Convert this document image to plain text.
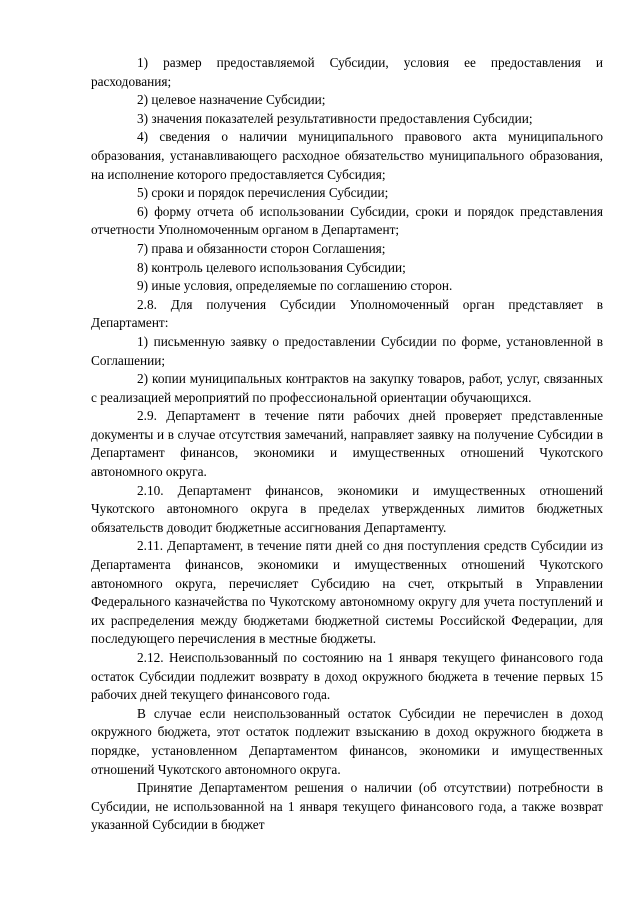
1) размер предоставляемой Субсидии, условия ее предоставления и расходования;

2) целевое назначение Субсидии;

3) значения показателей результативности предоставления Субсидии;

4) сведения о наличии муниципального правового акта муниципального образования, устанавливающего расходное обязательство муниципального образования, на исполнение которого предоставляется Субсидия;

5) сроки и порядок перечисления Субсидии;

6) форму отчета об использовании Субсидии, сроки и порядок представления отчетности Уполномоченным органом в Департамент;

7) права и обязанности сторон Соглашения;

8) контроль целевого использования Субсидии;

9) иные условия, определяемые по соглашению сторон.

2.8. Для получения Субсидии Уполномоченный орган представляет в Департамент:

1) письменную заявку о предоставлении Субсидии по форме, установленной в Соглашении;

2) копии муниципальных контрактов на закупку товаров, работ, услуг, связанных с реализацией мероприятий по профессиональной ориентации обучающихся.

2.9. Департамент в течение пяти рабочих дней проверяет представленные документы и в случае отсутствия замечаний, направляет заявку на получение Субсидии в Департамент финансов, экономики и имущественных отношений Чукотского автономного округа.

2.10. Департамент финансов, экономики и имущественных отношений Чукотского автономного округа в пределах утвержденных лимитов бюджетных обязательств доводит бюджетные ассигнования Департаменту.

2.11. Департамент, в течение пяти дней со дня поступления средств Субсидии из Департамента финансов, экономики и имущественных отношений Чукотского автономного округа, перечисляет Субсидию на счет, открытый в Управлении Федерального казначейства по Чукотскому автономному округу для учета поступлений и их распределения между бюджетами бюджетной системы Российской Федерации, для последующего перечисления в местные бюджеты.

2.12. Неиспользованный по состоянию на 1 января текущего финансового года остаток Субсидии подлежит возврату в доход окружного бюджета в течение первых 15 рабочих дней текущего финансового года.

В случае если неиспользованный остаток Субсидии не перечислен в доход окружного бюджета, этот остаток подлежит взысканию в доход окружного бюджета в порядке, установленном Департаментом финансов, экономики и имущественных отношений Чукотского автономного округа.

Принятие Департаментом решения о наличии (об отсутствии) потребности в Субсидии, не использованной на 1 января текущего финансового года, а также возврат указанной Субсидии в бюджет
